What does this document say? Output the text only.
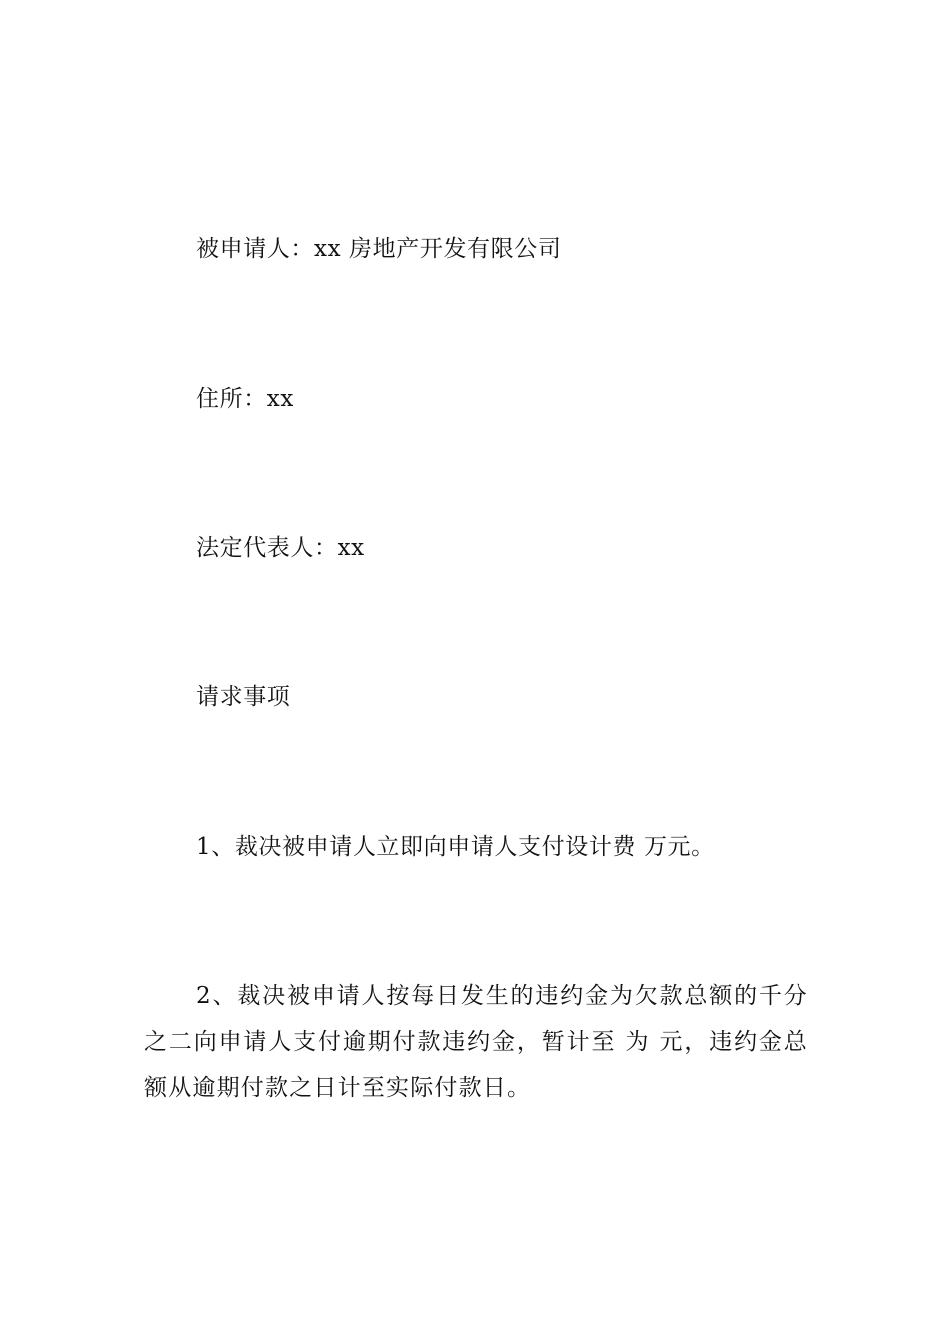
被申请人：xx 房地产开发有限公司
住所：xx
法定代表人：xx
请求事项
1、裁决被申请人立即向申请人支付设计费 万元。
2、裁决被申请人按每日发生的违约金为欠款总额的千分之二向申请人支付逾期付款违约金，暂计至 为 元，违约金总额从逾期付款之日计至实际付款日。
